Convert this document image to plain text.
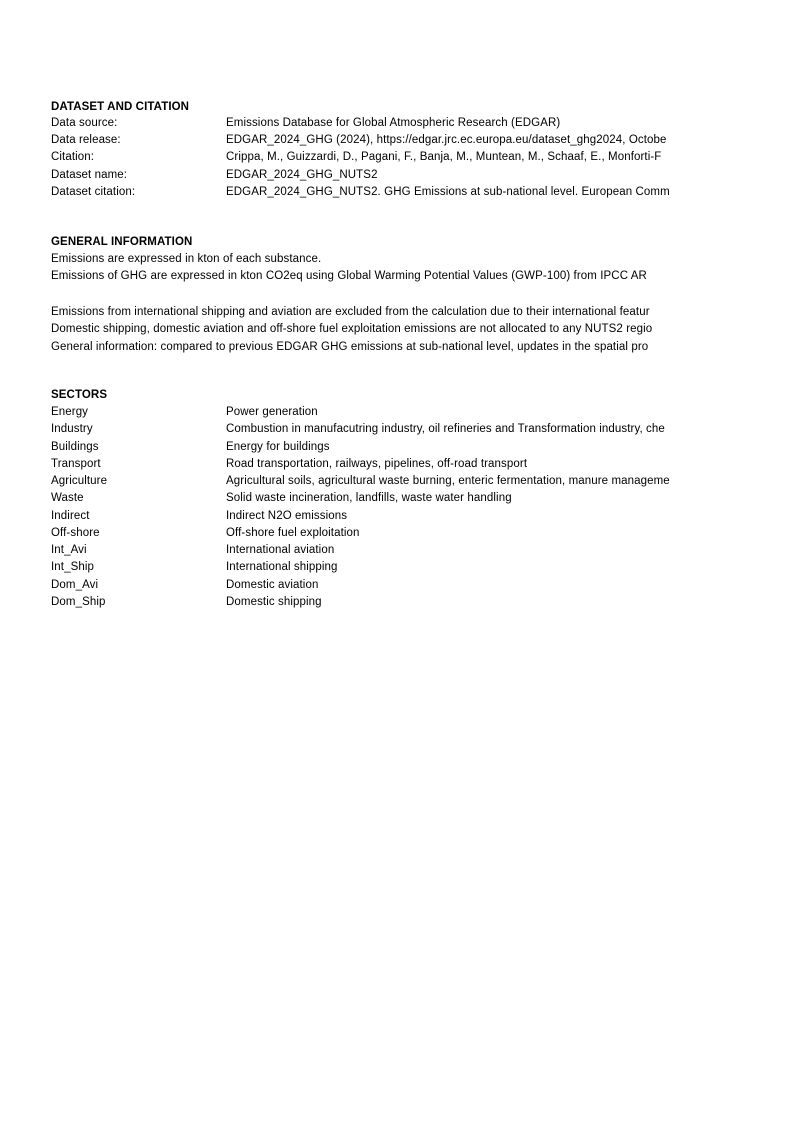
DATASET AND CITATION
Data source:	Emissions Database for Global Atmospheric Research (EDGAR)
Data release:	EDGAR_2024_GHG (2024), https://edgar.jrc.ec.europa.eu/dataset_ghg2024, Octobe
Citation:	Crippa, M., Guizzardi, D., Pagani, F., Banja, M., Muntean, M., Schaaf, E., Monforti-F
Dataset name:	EDGAR_2024_GHG_NUTS2
Dataset citation:	EDGAR_2024_GHG_NUTS2. GHG Emissions at sub-national level. European Comm
GENERAL INFORMATION
Emissions are expressed in kton of each substance.
Emissions of GHG are expressed in kton CO2eq using Global Warming Potential Values (GWP-100) from IPCC AR
Emissions from international shipping and aviation are excluded from the calculation due to their international featur
Domestic shipping, domestic aviation and off-shore fuel exploitation emissions are not allocated to any NUTS2 regio
General information: compared to previous EDGAR GHG emissions at sub-national level, updates in the spatial pro
SECTORS
Energy	Power generation
Industry	Combustion in manufacutring industry, oil refineries and Transformation industry, che
Buildings	Energy for buildings
Transport	Road transportation, railways, pipelines, off-road transport
Agriculture	Agricultural soils, agricultural waste burning, enteric fermentation, manure manageme
Waste	Solid waste incineration, landfills, waste water handling
Indirect	Indirect N2O emissions
Off-shore	Off-shore fuel exploitation
Int_Avi	International aviation
Int_Ship	International shipping
Dom_Avi	Domestic aviation
Dom_Ship	Domestic shipping
